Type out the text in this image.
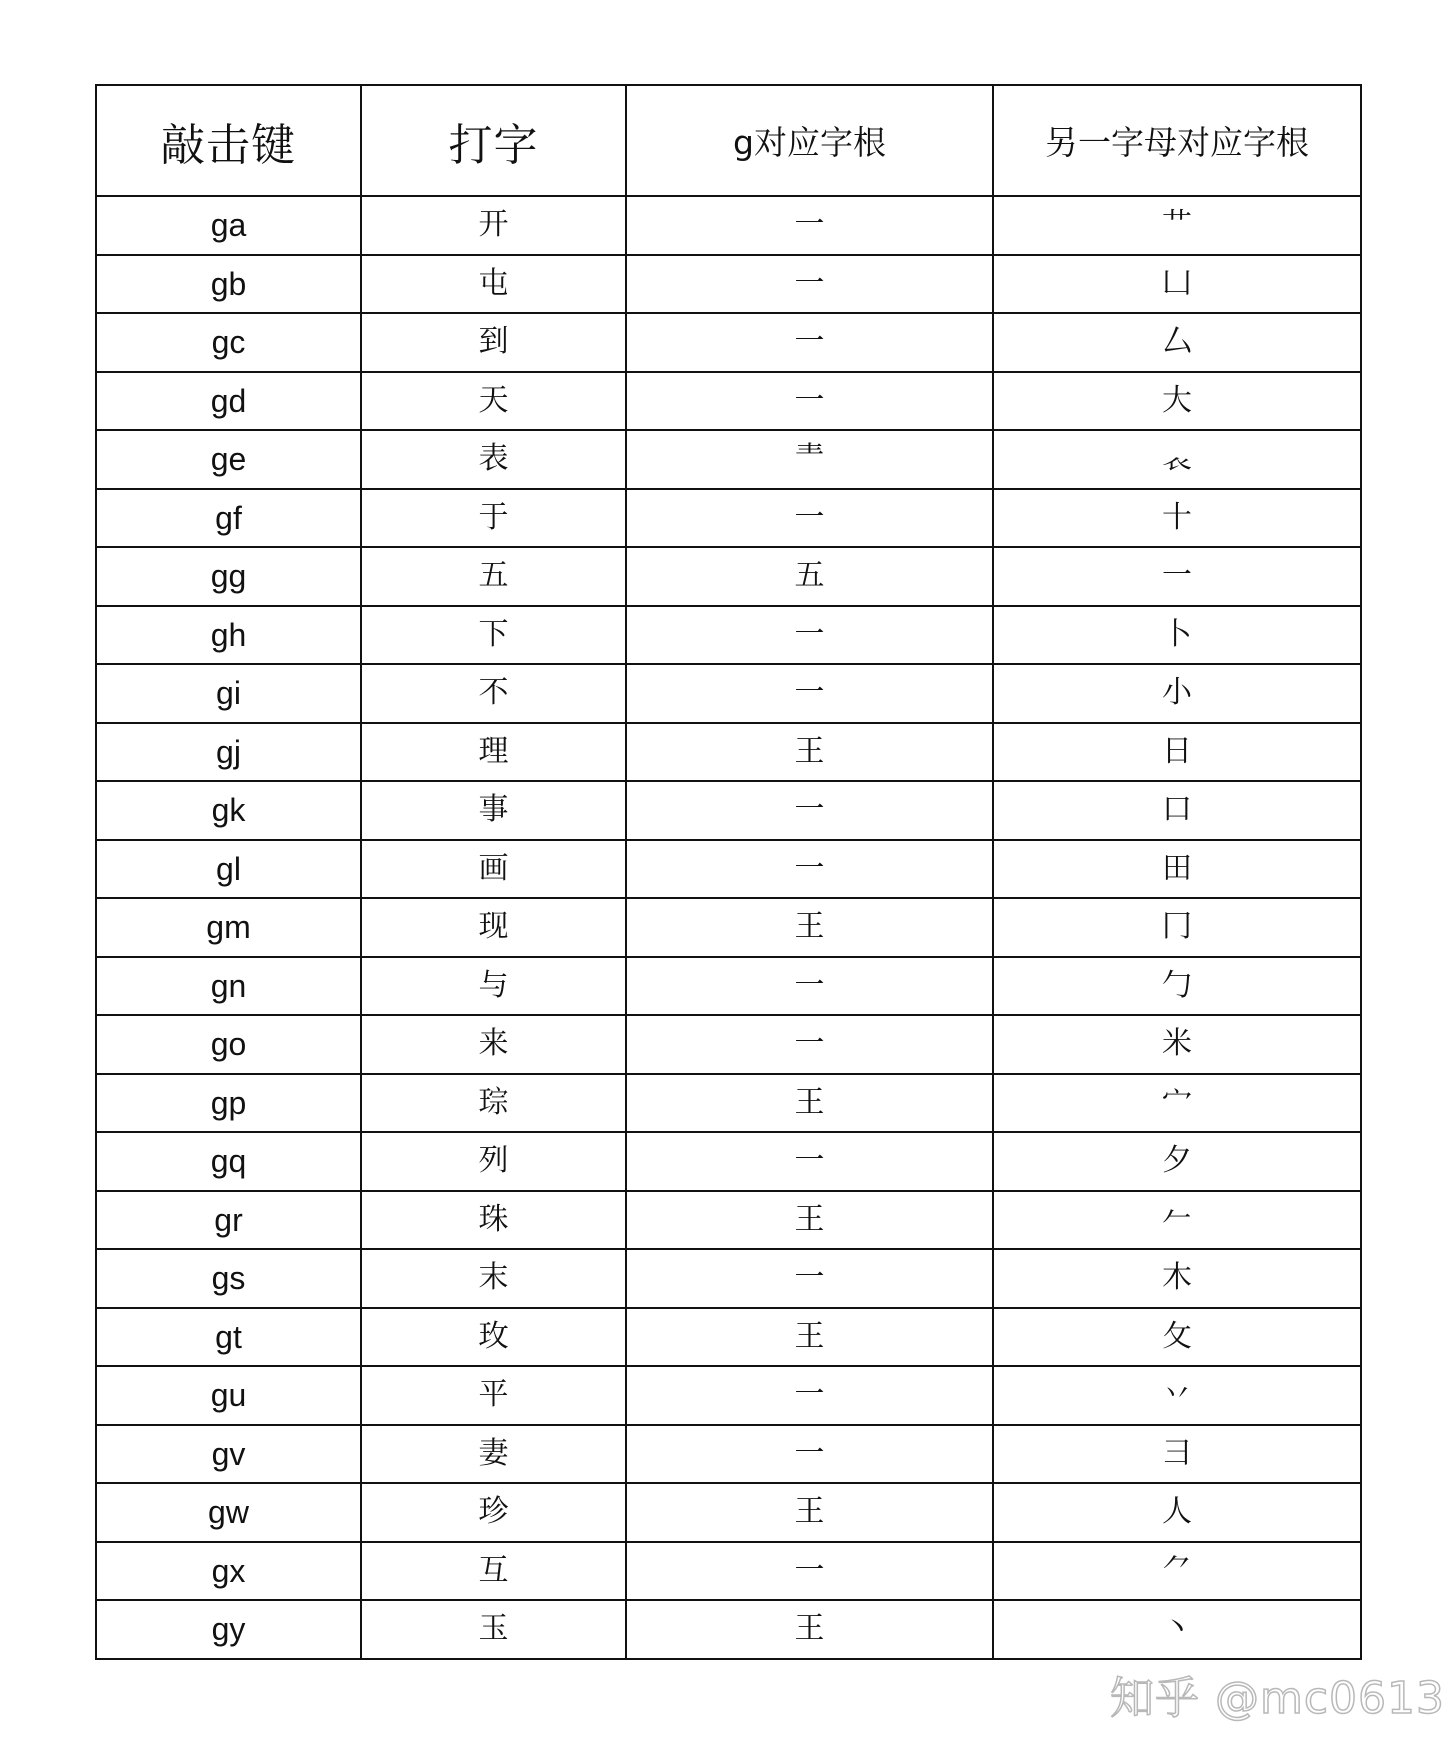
敲击键	打字	g对应字根	另一字母对应字根
ga	开	一	艹
gb	屯	一	凵
gc	到	一	厶
gd	天	一	大
ge	表	龶	𧘇
gf	于	一	十
gg	五	五	一
gh	下	一	卜
gi	不	一	小
gj	理	王	日
gk	事	一	口
gl	画	一	田
gm	现	王	冂
gn	与	一	勹
go	来	一	米
gp	琮	王	宀
gq	列	一	夕
gr	珠	王	𠂉
gs	末	一	木
gt	玫	王	攵
gu	平	一	丷
gv	妻	一	彐
gw	珍	王	人
gx	互	一	⺈
gy	玉	王	丶
知乎 @mc0613
